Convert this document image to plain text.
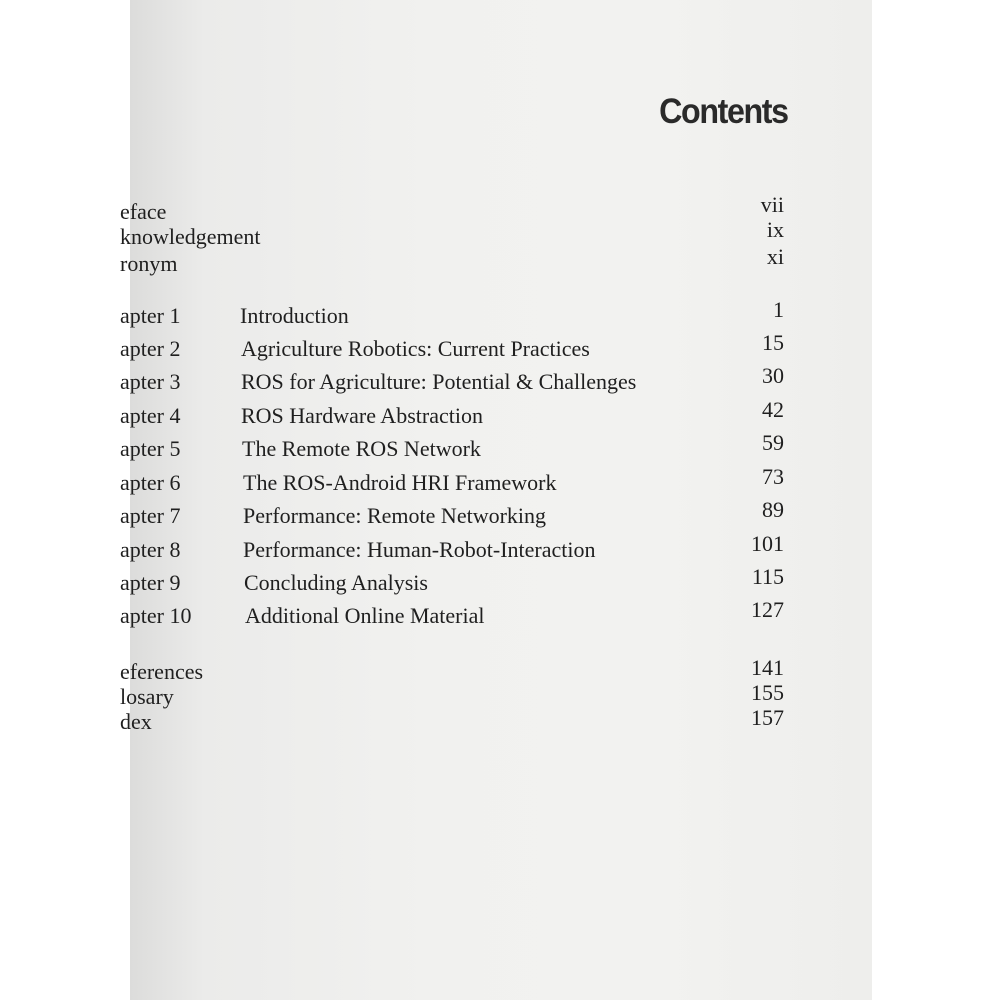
Contents
eface	vii
knowledgement	ix
ronym	xi
apter 1	Introduction	1
apter 2	Agriculture Robotics: Current Practices	15
apter 3	ROS for Agriculture: Potential & Challenges	30
apter 4	ROS Hardware Abstraction	42
apter 5	The Remote ROS Network	59
apter 6	The ROS-Android HRI Framework	73
apter 7	Performance: Remote Networking	89
apter 8	Performance: Human-Robot-Interaction	101
apter 9	Concluding Analysis	115
apter 10 Additional Online Material	127
eferences	141
losary	155
dex	157
